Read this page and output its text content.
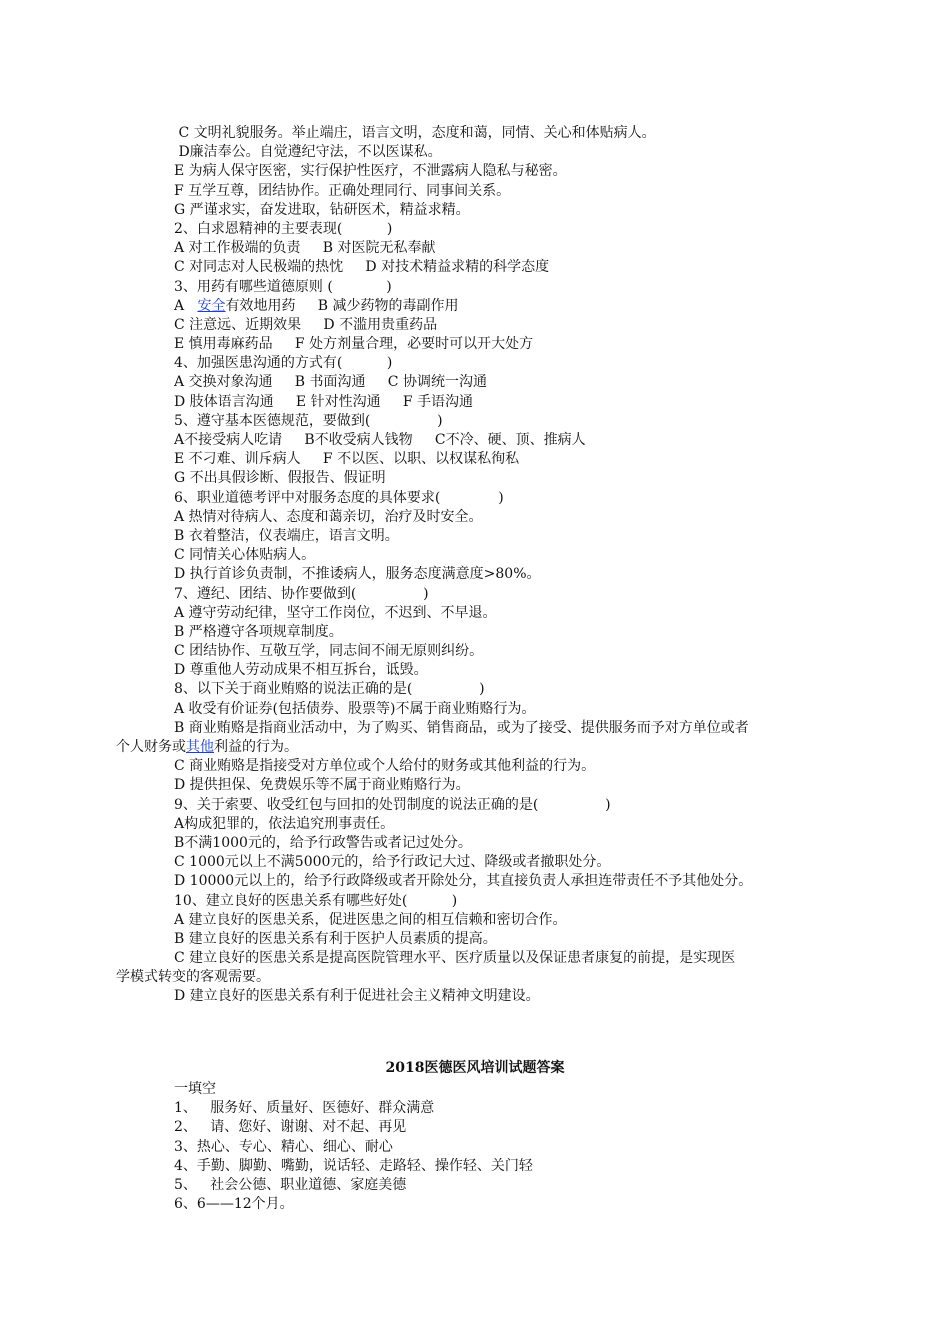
C 文明礼貌服务。举止端庄，语言文明，态度和蔼，同情、关心和体贴病人。
D廉洁奉公。自觉遵纪守法，不以医谋私。
E 为病人保守医密，实行保护性医疗，不泄露病人隐私与秘密。
F 互学互尊，团结协作。正确处理同行、同事间关系。
G 严谨求实，奋发进取，钻研医术，精益求精。
2、白求恩精神的主要表现(          )
A 对工作极端的负责     B 对医院无私奉献
C 对同志对人民极端的热忱     D 对技术精益求精的科学态度
3、用药有哪些道德原则 (            )
A   安全有效地用药     B 减少药物的毒副作用
C 注意远、近期效果     D 不滥用贵重药品
E 慎用毒麻药品     F 处方剂量合理，必要时可以开大处方
4、加强医患沟通的方式有(          )
A 交换对象沟通     B 书面沟通     C 协调统一沟通
D 肢体语言沟通     E 针对性沟通     F 手语沟通
5、遵守基本医德规范，要做到(               )
A不接受病人吃请     B不收受病人钱物     C不冷、硬、顶、推病人
E 不刁难、训斥病人     F 不以医、以职、以权谋私徇私
G 不出具假诊断、假报告、假证明
6、职业道德考评中对服务态度的具体要求(             )
A 热情对待病人、态度和蔼亲切，治疗及时安全。
B 衣着整洁，仪表端庄，语言文明。
C 同情关心体贴病人。
D 执行首诊负责制，不推诿病人，服务态度满意度>80%。
7、遵纪、团结、协作要做到(               )
A 遵守劳动纪律，坚守工作岗位，不迟到、不早退。
B 严格遵守各项规章制度。
C 团结协作、互敬互学，同志间不闹无原则纠纷。
D 尊重他人劳动成果不相互拆台，诋毁。
8、以下关于商业贿赂的说法正确的是(               )
A 收受有价证券(包括债券、股票等)不属于商业贿赂行为。
B 商业贿赂是指商业活动中，为了购买、销售商品，或为了接受、提供服务而予对方单位或者
个人财务或其他利益的行为。
C 商业贿赂是指接受对方单位或个人给付的财务或其他利益的行为。
D 提供担保、免费娱乐等不属于商业贿赂行为。
9、关于索要、收受红包与回扣的处罚制度的说法正确的是(               )
A构成犯罪的，依法追究刑事责任。
B不满1000元的，给予行政警告或者记过处分。
C 1000元以上不满5000元的，给予行政记大过、降级或者撤职处分。
D 10000元以上的，给予行政降级或者开除处分，其直接负责人承担连带责任不予其他处分。
10、建立良好的医患关系有哪些好处(          )
A 建立良好的医患关系，促进医患之间的相互信赖和密切合作。
B 建立良好的医患关系有利于医护人员素质的提高。
C 建立良好的医患关系是提高医院管理水平、医疗质量以及保证患者康复的前提，是实现医
学模式转变的客观需要。
D 建立良好的医患关系有利于促进社会主义精神文明建设。
2018医德医风培训试题答案
一填空
1、   服务好、质量好、医德好、群众满意
2、   请、您好、谢谢、对不起、再见
3、热心、专心、精心、细心、耐心
4、手勤、脚勤、嘴勤，说话轻、走路轻、操作轻、关门轻
5、   社会公德、职业道德、家庭美德
6、6——12个月。
